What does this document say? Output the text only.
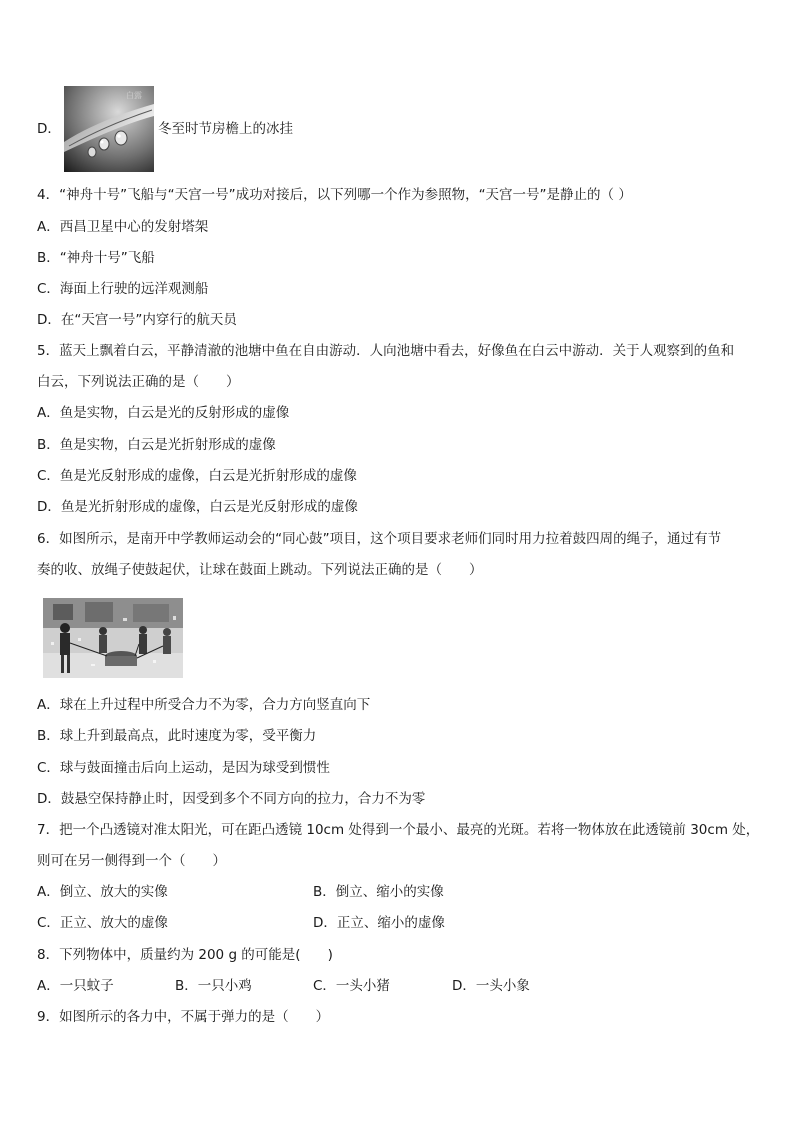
D．
白露
冬至时节房檐上的冰挂
4．“神舟十号”飞船与“天宫一号”成功对接后，以下列哪一个作为参照物，“天宫一号”是静止的（ ）
A．西昌卫星中心的发射塔架
B．“神舟十号”飞船
C．海面上行驶的远洋观测船
D．在“天宫一号”内穿行的航天员
5．蓝天上飘着白云，平静清澈的池塘中鱼在自由游动．人向池塘中看去，好像鱼在白云中游动．关于人观察到的鱼和
白云，下列说法正确的是（　　）
A．鱼是实物，白云是光的反射形成的虚像
B．鱼是实物，白云是光折射形成的虚像
C．鱼是光反射形成的虚像，白云是光折射形成的虚像
D．鱼是光折射形成的虚像，白云是光反射形成的虚像
6．如图所示，是南开中学教师运动会的“同心鼓”项目，这个项目要求老师们同时用力拉着鼓四周的绳子，通过有节
奏的收、放绳子使鼓起伏，让球在鼓面上跳动。下列说法正确的是（　　）
A．球在上升过程中所受合力不为零，合力方向竖直向下
B．球上升到最高点，此时速度为零，受平衡力
C．球与鼓面撞击后向上运动，是因为球受到惯性
D．鼓悬空保持静止时，因受到多个不同方向的拉力，合力不为零
7．把一个凸透镜对准太阳光，可在距凸透镜 10cm 处得到一个最小、最亮的光斑。若将一物体放在此透镜前 30cm 处，
则可在另一侧得到一个（　　）
A．倒立、放大的实像	B．倒立、缩小的实像
C．正立、放大的虚像	D．正立、缩小的虚像
8．下列物体中，质量约为 200 g 的可能是(　　)
A．一只蚊子	B．一只小鸡	C．一头小猪	D．一头小象
9．如图所示的各力中，不属于弹力的是（　　）
